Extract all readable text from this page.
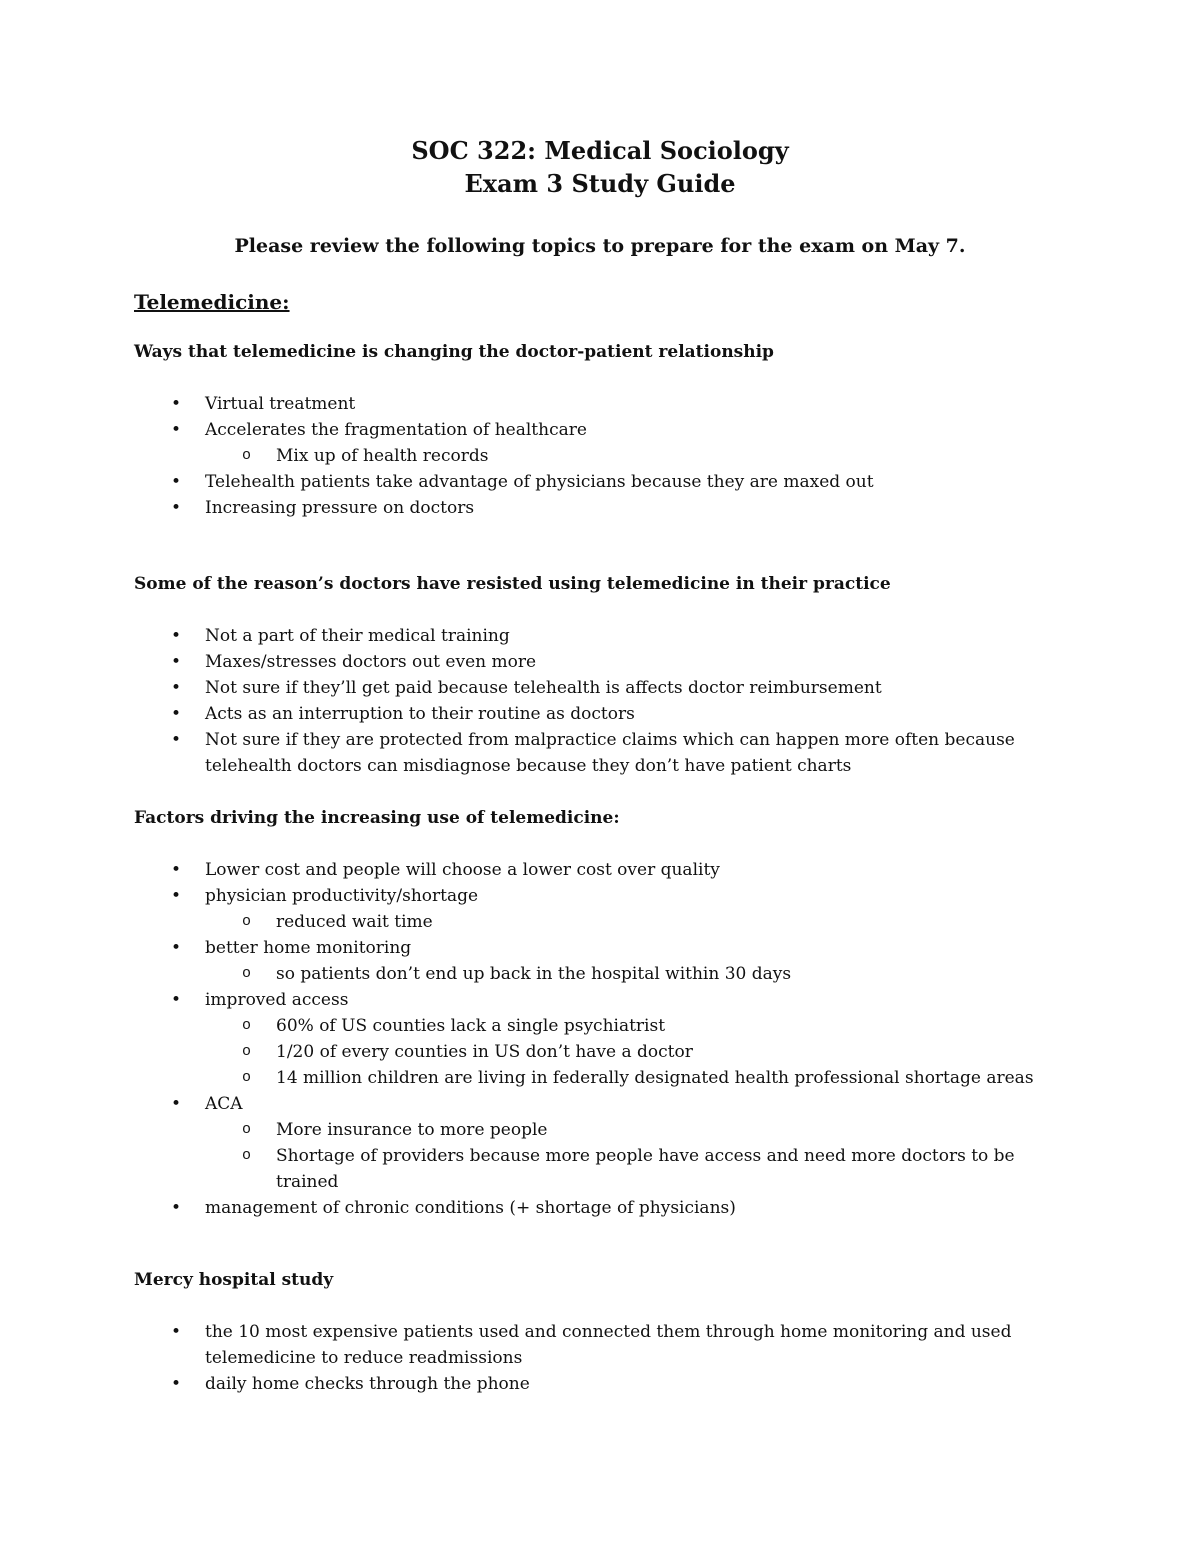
SOC 322: Medical Sociology
Exam 3 Study Guide

Please review the following topics to prepare for the exam on May 7.

Telemedicine:
Ways that telemedicine is changing the doctor-patient relationship
• Virtual treatment
• Accelerates the fragmentation of healthcare
o Mix up of health records
• Telehealth patients take advantage of physicians because they are maxed out
• Increasing pressure on doctors
Some of the reason’s doctors have resisted using telemedicine in their practice
• Not a part of their medical training
• Maxes/stresses doctors out even more
• Not sure if they’ll get paid because telehealth is affects doctor reimbursement
• Acts as an interruption to their routine as doctors
• Not sure if they are protected from malpractice claims which can happen more often because telehealth doctors can misdiagnose because they don’t have patient charts
Factors driving the increasing use of telemedicine:
• Lower cost and people will choose a lower cost over quality
• physician productivity/shortage
o reduced wait time
• better home monitoring
o so patients don’t end up back in the hospital within 30 days
• improved access
o 60% of US counties lack a single psychiatrist
o 1/20 of every counties in US don’t have a doctor
o 14 million children are living in federally designated health professional shortage areas
• ACA
o More insurance to more people
o Shortage of providers because more people have access and need more doctors to be trained
• management of chronic conditions (+ shortage of physicians)
Mercy hospital study
• the 10 most expensive patients used and connected them through home monitoring and used telemedicine to reduce readmissions
• daily home checks through the phone
